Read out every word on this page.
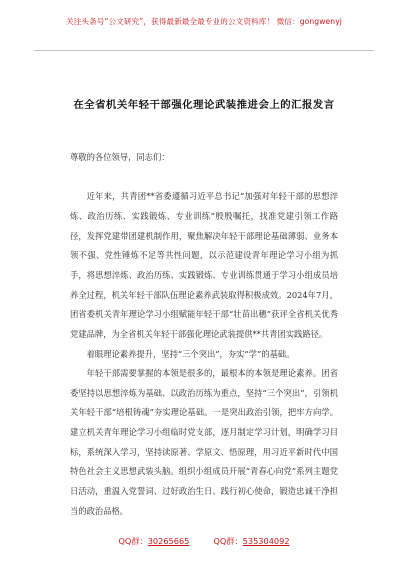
关注头条号“公文研究”，获得最新最全最专业的公文资料库！ 微信：gongwenyj
在全省机关年轻干部强化理论武装推进会上的汇报发言

尊敬的各位领导，同志们：

近年来，共青团**省委遵循习近平总书记“加强对年轻干部的思想淬炼、政治历练、实践锻炼、专业训练”殷殷嘱托，找准党建引领工作路径，发挥党建带团建机制作用，聚焦解决年轻干部理论基础薄弱、业务本领不强、党性锤炼不足等共性问题，以示范建设青年理论学习小组为抓手，将思想淬炼、政治历练、实践锻炼、专业训练贯通于学习小组成员培养全过程，机关年轻干部队伍理论素养武装取得积极成效。2024年7月，团省委机关青年理论学习小组赋能年轻干部“壮苗出穗”获评全省机关优秀党建品牌，为全省机关年轻干部强化理论武装提供**共青团实践路径。

着眼理论素养提升，坚持“三个突出”，夯实“学”的基础。

年轻干部需要掌握的本领是很多的，最根本的本领是理论素养。团省委坚持以思想淬炼为基础、以政治历练为重点，坚持“三个突出”，引领机关年轻干部“培根铸魂”夯实理论基础。一是突出政治引领，把牢方向学。建立机关青年理论学习小组临时党支部，逐月制定学习计划，明确学习目标，系统深入学习，坚持读原著、学原文、悟原理，用习近平新时代中国特色社会主义思想武装头脑。组织小组成员开展“青春心向党”系列主题党日活动，重温入党誓词、过好政治生日、践行初心使命，锻造忠诚干净担当的政治品格。

QQ群：30265665	QQ群：535304092
